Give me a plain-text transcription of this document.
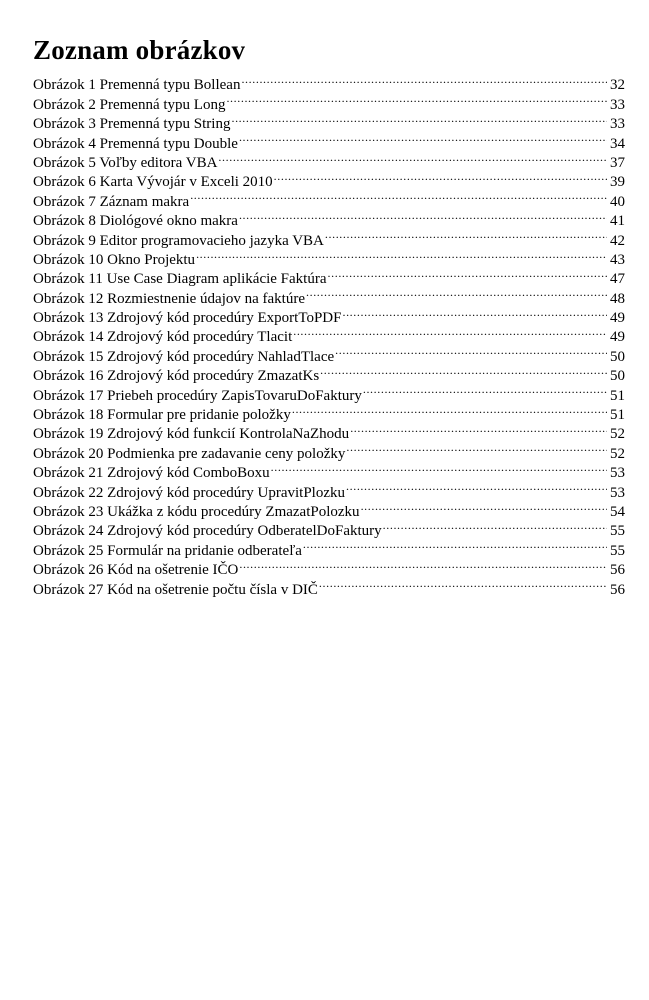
Zoznam obrázkov
Obrázok 1 Premenná typu Bollean .....	32
Obrázok 2 Premenná typu Long .....	33
Obrázok 3 Premenná typu String .....	33
Obrázok 4 Premenná typu Double .....	34
Obrázok 5 Voľby editora VBA .....	37
Obrázok 6 Karta Vývojár v Exceli 2010 .....	39
Obrázok 7 Záznam makra .....	40
Obrázok 8 Diológové okno makra .....	41
Obrázok 9 Editor programovacieho jazyka VBA .....	42
Obrázok 10 Okno Projektu .....	43
Obrázok 11 Use Case Diagram aplikácie Faktúra .....	47
Obrázok 12 Rozmiestnenie údajov na faktúre .....	48
Obrázok 13 Zdrojový kód procedúry ExportToPDF .....	49
Obrázok 14 Zdrojový kód procedúry Tlacit .....	49
Obrázok 15 Zdrojový kód procedúry NahladTlace .....	50
Obrázok 16 Zdrojový kód procedúry ZmazatKs .....	50
Obrázok 17 Priebeh procedúry ZapisTovaruDoFaktury .....	51
Obrázok 18 Formular pre pridanie položky .....	51
Obrázok 19 Zdrojový kód funkcií KontrolaNaZhodu .....	52
Obrázok 20 Podmienka pre zadavanie ceny položky .....	52
Obrázok 21 Zdrojový kód ComboBoxu .....	53
Obrázok 22 Zdrojový kód procedúry UpravitPlozku .....	53
Obrázok 23 Ukážka z kódu procedúry ZmazatPolozku .....	54
Obrázok 24 Zdrojový kód procedúry OdberatelDoFaktury .....	55
Obrázok 25 Formulár na pridanie odberateľa .....	55
Obrázok 26 Kód na ošetrenie IČO .....	56
Obrázok 27 Kód na ošetrenie počtu čísla v DIČ .....	56
